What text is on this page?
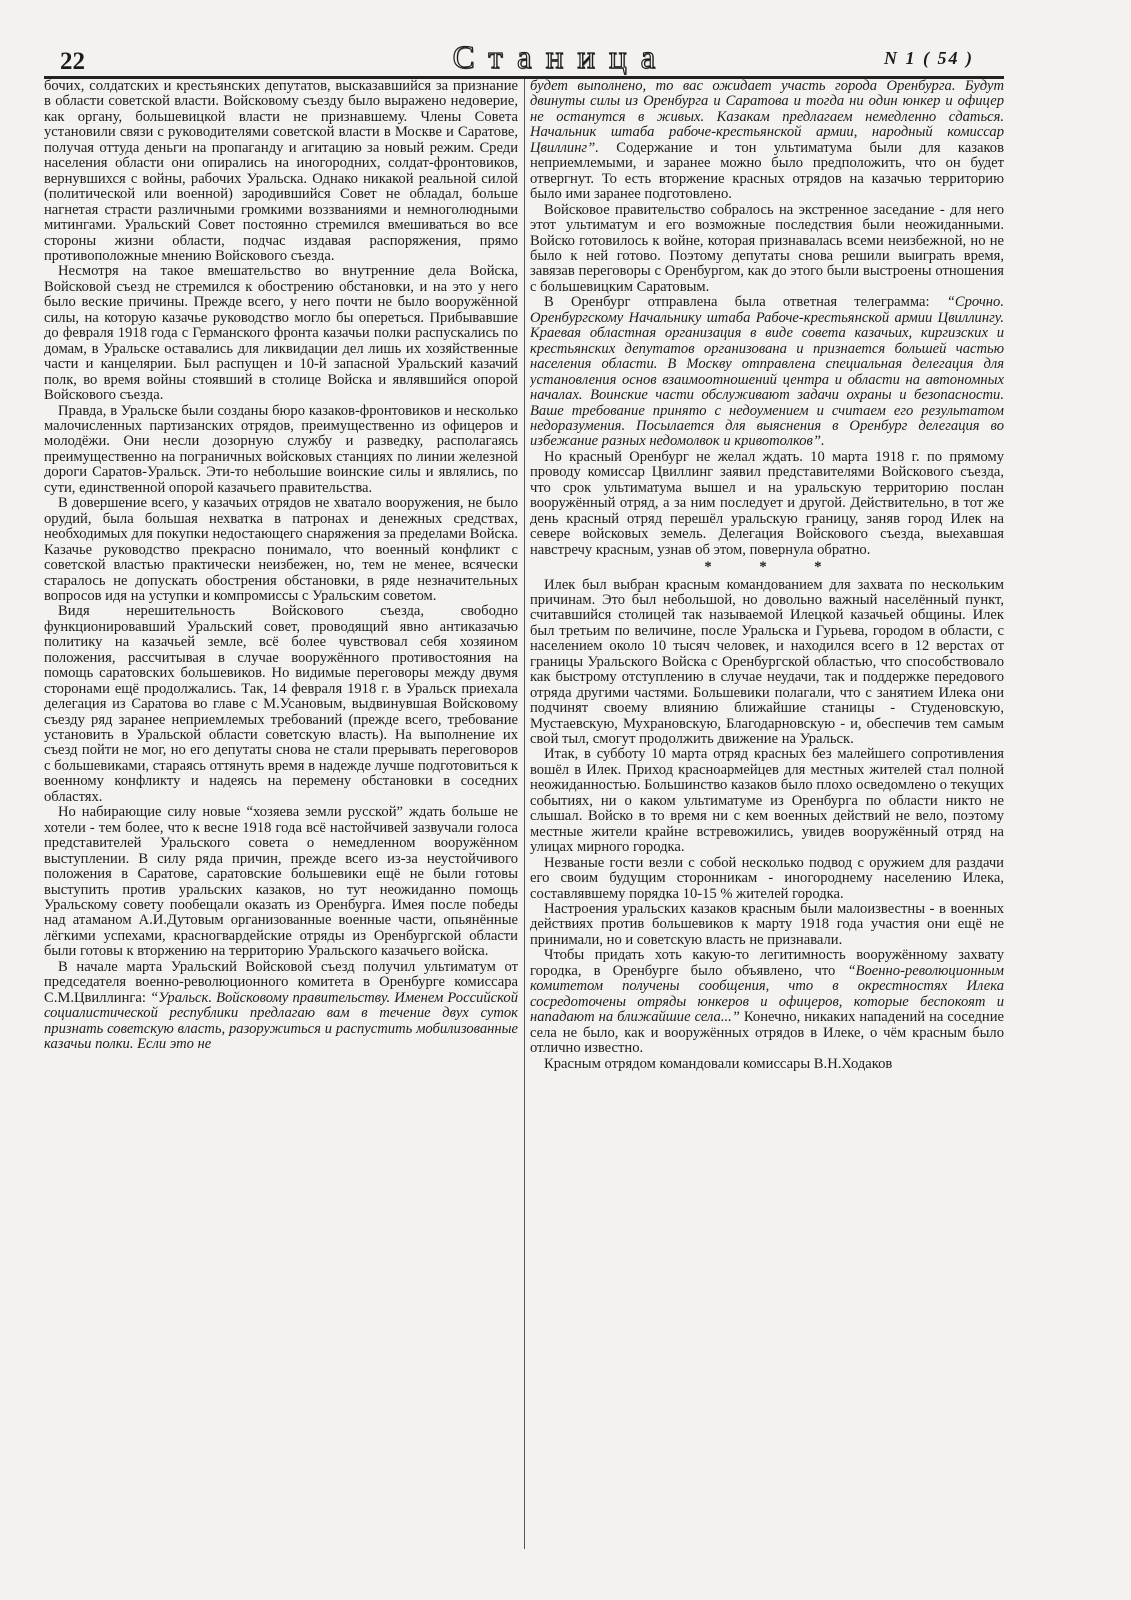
22	Станица	N 1 ( 54 )

бочих, солдатских и крестьянских депутатов, высказавшийся за признание в области советской власти. Войсковому съезду было выражено недоверие, как органу, большевицкой власти не признавшему. Члены Совета установили связи с руководителями советской власти в Москве и Саратове, получая оттуда деньги на пропаганду и агитацию за новый режим. Среди населения области они опирались на иногородних, солдат-фронтовиков, вернувшихся с войны, рабочих Уральска. Однако никакой реальной силой (политической или военной) зародившийся Совет не обладал, больше нагнетая страсти различными громкими воззваниями и немноголюдными митингами. Уральский Совет постоянно стремился вмешиваться во все стороны жизни области, подчас издавая распоряжения, прямо противоположные мнению Войскового съезда.

Несмотря на такое вмешательство во внутренние дела Войска, Войсковой съезд не стремился к обострению обстановки, и на это у него было веские причины. Прежде всего, у него почти не было вооружённой силы, на которую казачье руководство могло бы опереться. Прибывавшие до февраля 1918 года с Германского фронта казачьи полки распускались по домам, в Уральске оставались для ликвидации дел лишь их хозяйственные части и канцелярии. Был распущен и 10-й запасной Уральский казачий полк, во время войны стоявший в столице Войска и являвшийся опорой Войскового съезда.

Правда, в Уральске были созданы бюро казаков-фронтовиков и несколько малочисленных партизанских отрядов, преимущественно из офицеров и молодёжи. Они несли дозорную службу и разведку, располагаясь преимущественно на пограничных войсковых станциях по линии железной дороги Саратов-Уральск. Эти-то небольшие воинские силы и являлись, по сути, единственной опорой казачьего правительства.

В довершение всего, у казачьих отрядов не хватало вооружения, не было орудий, была большая нехватка в патронах и денежных средствах, необходимых для покупки недостающего снаряжения за пределами Войска. Казачье руководство прекрасно понимало, что военный конфликт с советской властью практически неизбежен, но, тем не менее, всячески старалось не допускать обострения обстановки, в ряде незначительных вопросов идя на уступки и компромиссы с Уральским советом.

Видя нерешительность Войскового съезда, свободно функционировавший Уральский совет, проводящий явно антиказачью политику на казачьей земле, всё более чувствовал себя хозяином положения, рассчитывая в случае вооружённого противостояния на помощь саратовских большевиков. Но видимые переговоры между двумя сторонами ещё продолжались. Так, 14 февраля 1918 г. в Уральск приехала делегация из Саратова во главе с М.Усановым, выдвинувшая Войсковому съезду ряд заранее неприемлемых требований (прежде всего, требование установить в Уральской области советскую власть). На выполнение их съезд пойти не мог, но его депутаты снова не стали прерывать переговоров с большевиками, стараясь оттянуть время в надежде лучше подготовиться к военному конфликту и надеясь на перемену обстановки в соседних областях.

Но набирающие силу новые “хозяева земли русской” ждать больше не хотели - тем более, что к весне 1918 года всё настойчивей зазвучали голоса представителей Уральского совета о немедленном вооружённом выступлении. В силу ряда причин, прежде всего из-за неустойчивого положения в Саратове, саратовские большевики ещё не были готовы выступить против уральских казаков, но тут неожиданно помощь Уральскому совету пообещали оказать из Оренбурга. Имея после победы над атаманом А.И.Дутовым организованные военные части, опьянённые лёгкими успехами, красногвардейские отряды из Оренбургской области были готовы к вторжению на территорию Уральского казачьего войска.

В начале марта Уральский Войсковой съезд получил ультиматум от председателя военно-революционного комитета в Оренбурге комиссара С.М.Цвиллинга: “Уральск. Войсковому правительству. Именем Российской социалистической республики предлагаю вам в течение двух суток признать советскую власть, разоружиться и распустить мобилизованные казачьи полки. Если это не

будет выполнено, то вас ожидает участь города Оренбурга. Будут двинуты силы из Оренбурга и Саратова и тогда ни один юнкер и офицер не останутся в живых. Казакам предлагаем немедленно сдаться. Начальник штаба рабоче-крестьянской армии, народный комиссар Цвиллинг”. Содержание и тон ультиматума были для казаков неприемлемыми, и заранее можно было предположить, что он будет отвергнут. То есть вторжение красных отрядов на казачью территорию было ими заранее подготовлено.

Войсковое правительство собралось на экстренное заседание - для него этот ультиматум и его возможные последствия были неожиданными. Войско готовилось к войне, которая признавалась всеми неизбежной, но не было к ней готово. Поэтому депутаты снова решили выиграть время, завязав переговоры с Оренбургом, как до этого были выстроены отношения с большевицким Саратовым.

В Оренбург отправлена была ответная телеграмма: “Срочно. Оренбургскому Начальнику штаба Рабоче-крестьянской армии Цвиллингу. Краевая областная организация в виде совета казачьих, киргизских и крестьянских депутатов организована и признается большей частью населения области. В Москву отправлена специальная делегация для установления основ взаимоотношений центра и области на автономных началах. Воинские части обслуживают задачи охраны и безопасности. Ваше требование принято с недоумением и считаем его результатом недоразумения. Посылается для выяснения в Оренбург делегация во избежание разных недомолвок и кривотолков”.

Но красный Оренбург не желал ждать. 10 марта 1918 г. по прямому проводу комиссар Цвиллинг заявил представителями Войскового съезда, что срок ультиматума вышел и на уральскую территорию послан вооружённый отряд, а за ним последует и другой. Действительно, в тот же день красный отряд перешёл уральскую границу, заняв город Илек на севере войсковых земель. Делегация Войскового съезда, выехавшая навстречу красным, узнав об этом, повернула обратно.

* * *

Илек был выбран красным командованием для захвата по нескольким причинам. Это был небольшой, но довольно важный населённый пункт, считавшийся столицей так называемой Илецкой казачьей общины. Илек был третьим по величине, после Уральска и Гурьева, городом в области, с населением около 10 тысяч человек, и находился всего в 12 верстах от границы Уральского Войска с Оренбургской областью, что способствовало как быстрому отступлению в случае неудачи, так и поддержке передового отряда другими частями. Большевики полагали, что с занятием Илека они подчинят своему влиянию ближайшие станицы - Студеновскую, Мустаевскую, Мухрановскую, Благодарновскую - и, обеспечив тем самым свой тыл, смогут продолжить движение на Уральск.

Итак, в субботу 10 марта отряд красных без малейшего сопротивления вошёл в Илек. Приход красноармейцев для местных жителей стал полной неожиданностью. Большинство казаков было плохо осведомлено о текущих событиях, ни о каком ультиматуме из Оренбурга по области никто не слышал. Войско в то время ни с кем военных действий не вело, поэтому местные жители крайне встревожились, увидев вооружённый отряд на улицах мирного городка.

Незваные гости везли с собой несколько подвод с оружием для раздачи его своим будущим сторонникам - иногороднему населению Илека, составлявшему порядка 10-15 % жителей городка.

Настроения уральских казаков красным были малоизвестны - в военных действиях против большевиков к марту 1918 года участия они ещё не принимали, но и советскую власть не признавали.

Чтобы придать хоть какую-то легитимность вооружённому захвату городка, в Оренбурге было объявлено, что “Военно-революционным комитетом получены сообщения, что в окрестностях Илека сосредоточены отряды юнкеров и офицеров, которые беспокоят и нападают на ближайшие села...” Конечно, никаких нападений на соседние села не было, как и вооружённых отрядов в Илеке, о чём красным было отлично известно.

Красным отрядом командовали комиссары В.Н.Ходаков
